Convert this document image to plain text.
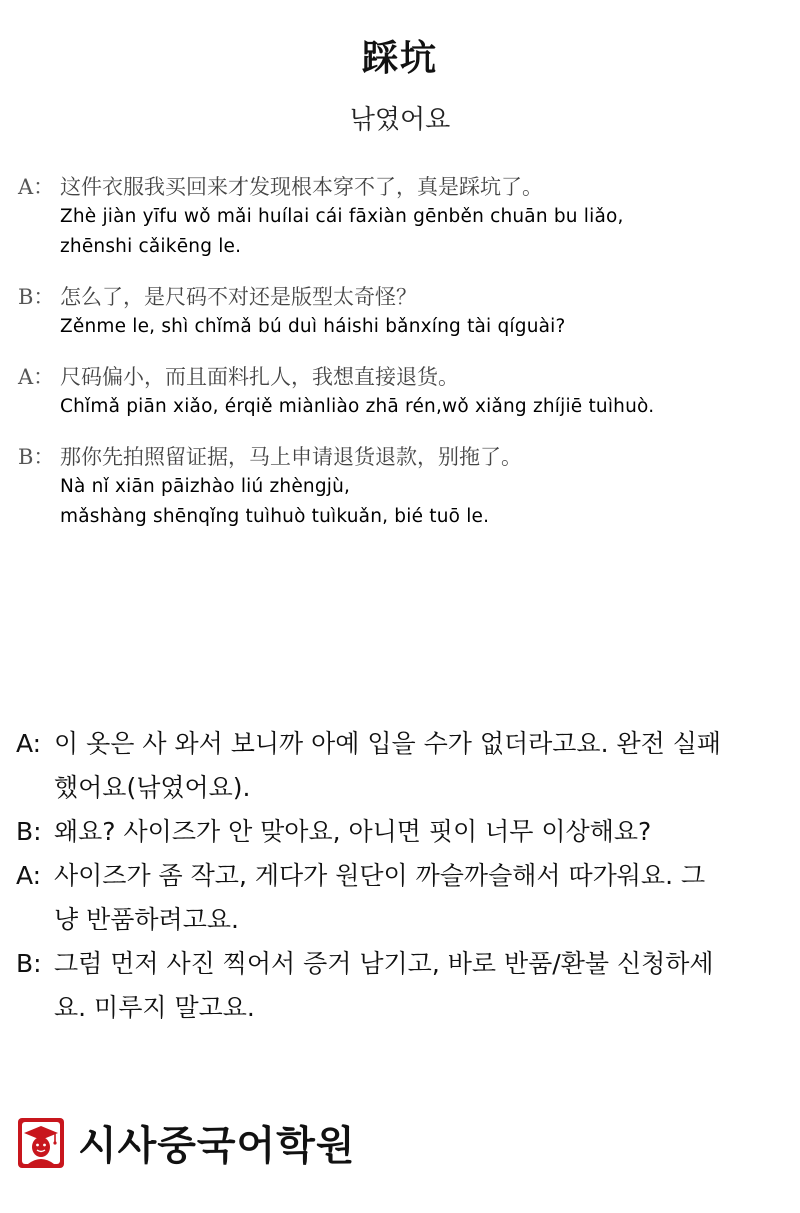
踩坑
낚였어요
A： 这件衣服我买回来才发现根本穿不了，真是踩坑了。
Zhè jiàn yīfu wǒ mǎi huílai cái fāxiàn gēnběn chuān bu liǎo,
zhēnshi cǎikēng le.
B： 怎么了，是尺码不对还是版型太奇怪？
Zěnme le, shì chǐmǎ bú duì háishi bǎnxíng tài qíguài?
A： 尺码偏小，而且面料扎人，我想直接退货。
Chǐmǎ piān xiǎo, érqiě miànliào zhā rén,wǒ xiǎng zhíjiē tuìhuò.
B： 那你先拍照留证据，马上申请退货退款，别拖了。
Nà nǐ xiān pāizhào liú zhèngjù,
mǎshàng shēnqǐng tuìhuò tuìkuǎn, bié tuō le.
A: 이 옷은 사 와서 보니까 아예 입을 수가 없더라고요. 완전 실패
했어요(낚였어요).
B: 왜요? 사이즈가 안 맞아요, 아니면 핏이 너무 이상해요?
A: 사이즈가 좀 작고, 게다가 원단이 까슬까슬해서 따가워요. 그
냥 반품하려고요.
B: 그럼 먼저 사진 찍어서 증거 남기고, 바로 반품/환불 신청하세
요. 미루지 말고요.
시사중국어학원
